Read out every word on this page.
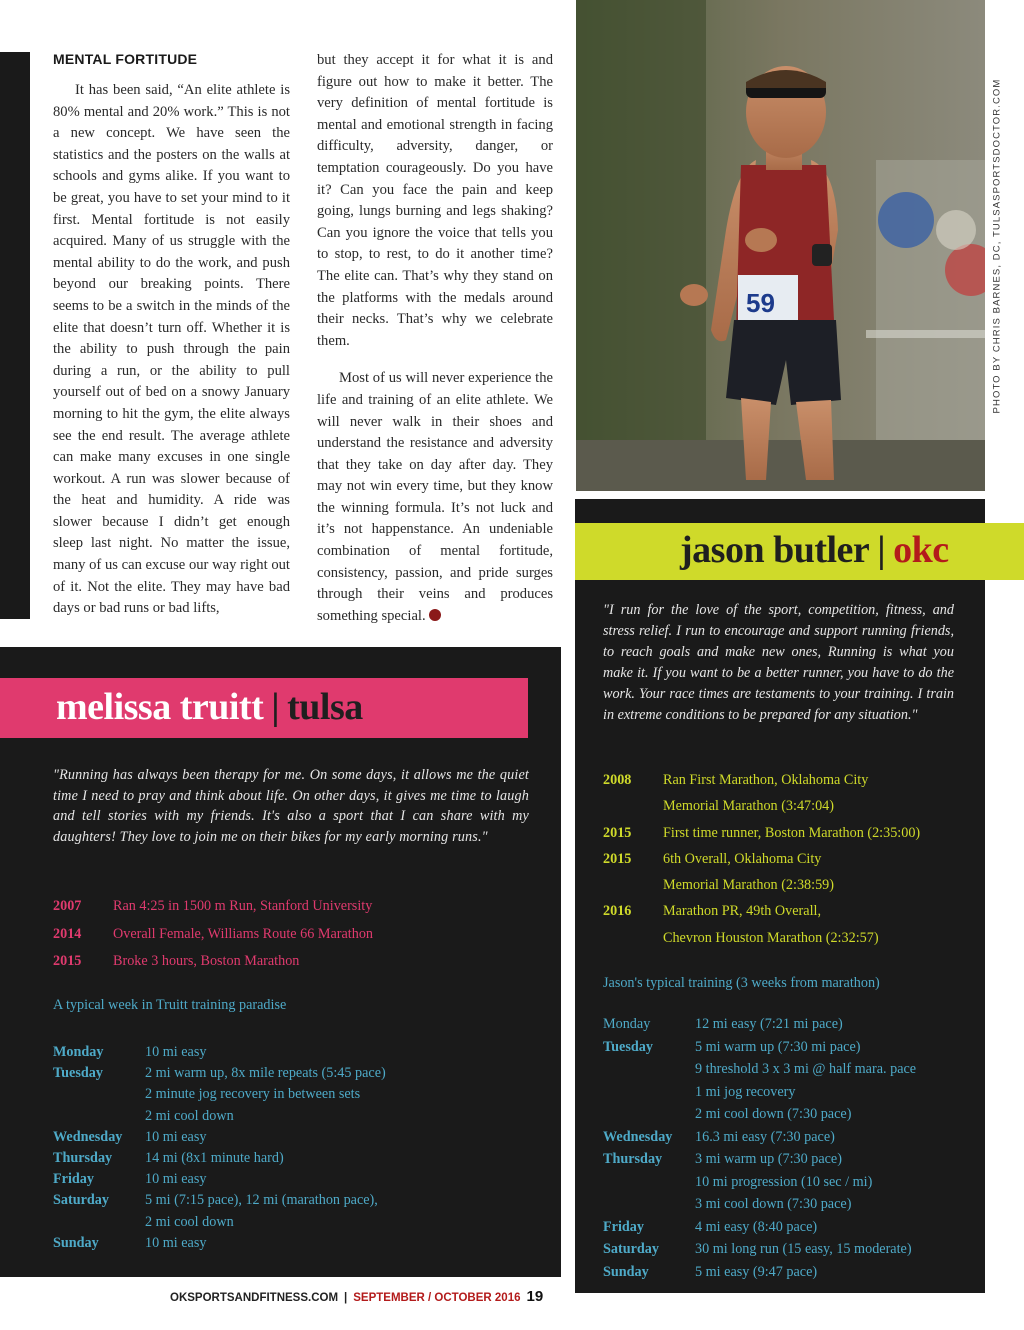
MENTAL FORTITUDE

It has been said, “An elite athlete is 80% mental and 20% work.” This is not a new concept. We have seen the statistics and the posters on the walls at schools and gyms alike. If you want to be great, you have to set your mind to it first. Mental fortitude is not easily acquired. Many of us struggle with the mental ability to do the work, and push beyond our breaking points. There seems to be a switch in the minds of the elite that doesn’t turn off. Whether it is the ability to push through the pain during a run, or the ability to pull yourself out of bed on a snowy January morning to hit the gym, the elite always see the end result. The average athlete can make many excuses in one single workout. A run was slower because of the heat and humidity. A ride was slower because I didn’t get enough sleep last night. No matter the issue, many of us can excuse our way right out of it. Not the elite. They may have bad days or bad runs or bad lifts,

but they accept it for what it is and figure out how to make it better. The very definition of mental fortitude is mental and emotional strength in facing difficulty, adversity, danger, or temptation courageously. Do you have it? Can you face the pain and keep going, lungs burning and legs shaking? Can you ignore the voice that tells you to stop, to rest, to do it another time? The elite can. That’s why they stand on the platforms with the medals around their necks. That’s why we celebrate them.

Most of us will never experience the life and training of an elite athlete. We will never walk in their shoes and understand the resistance and adversity that they take on day after day. They may not win every time, but they know the winning formula. It’s not luck and it’s not happenstance. An undeniable combination of mental fortitude, consistency, passion, and pride surges through their veins and produces something special.

59	PHOTO BY CHRIS BARNES, DC, TULSASPORTSDOCTOR.COM
jason butler | okc
"I run for the love of the sport, competition, fitness, and stress relief. I run to encourage and support running friends, to reach goals and make new ones, Running is what you make it. If you want to be a better runner, you have to do the work. Your race times are testaments to your training. I train in extreme conditions to be prepared for any situation."
2008	Ran First Marathon, Oklahoma City
Memorial Marathon (3:47:04)
2015	First time runner, Boston Marathon (2:35:00)
2015	6th Overall, Oklahoma City
Memorial Marathon (2:38:59)
2016	Marathon PR, 49th Overall,
Chevron Houston Marathon (2:32:57)
Jason's typical training (3 weeks from marathon)
Monday	12 mi easy (7:21 mi pace)
Tuesday	5 mi warm up (7:30 mi pace)
9 threshold 3 x 3 mi @ half mara. pace
1 mi jog recovery
2 mi cool down (7:30 pace)
Wednesday	16.3 mi easy (7:30 pace)
Thursday	3 mi warm up (7:30 pace)
10 mi progression (10 sec / mi)
3 mi cool down (7:30 pace)
Friday	4 mi easy (8:40 pace)
Saturday	30 mi long run (15 easy, 15 moderate)
Sunday	5 mi easy (9:47 pace)
melissa truitt | tulsa
"Running has always been therapy for me. On some days, it allows me the quiet time I need to pray and think about life. On other days, it gives me time to laugh and tell stories with my friends. It's also a sport that I can share with my daughters! They love to join me on their bikes for my early morning runs."
2007	Ran 4:25 in 1500 m Run, Stanford University
2014	Overall Female, Williams Route 66 Marathon
2015	Broke 3 hours, Boston Marathon
A typical week in Truitt training paradise
Monday	10 mi easy
Tuesday	2 mi warm up, 8x mile repeats (5:45 pace)
2 minute jog recovery in between sets
2 mi cool down
Wednesday	10 mi easy
Thursday	14 mi (8x1 minute hard)
Friday	10 mi easy
Saturday	5 mi (7:15 pace), 12 mi (marathon pace),
2 mi cool down
Sunday	10 mi easy
OKSPORTSANDFITNESS.COM | SEPTEMBER / OCTOBER 2016 19
